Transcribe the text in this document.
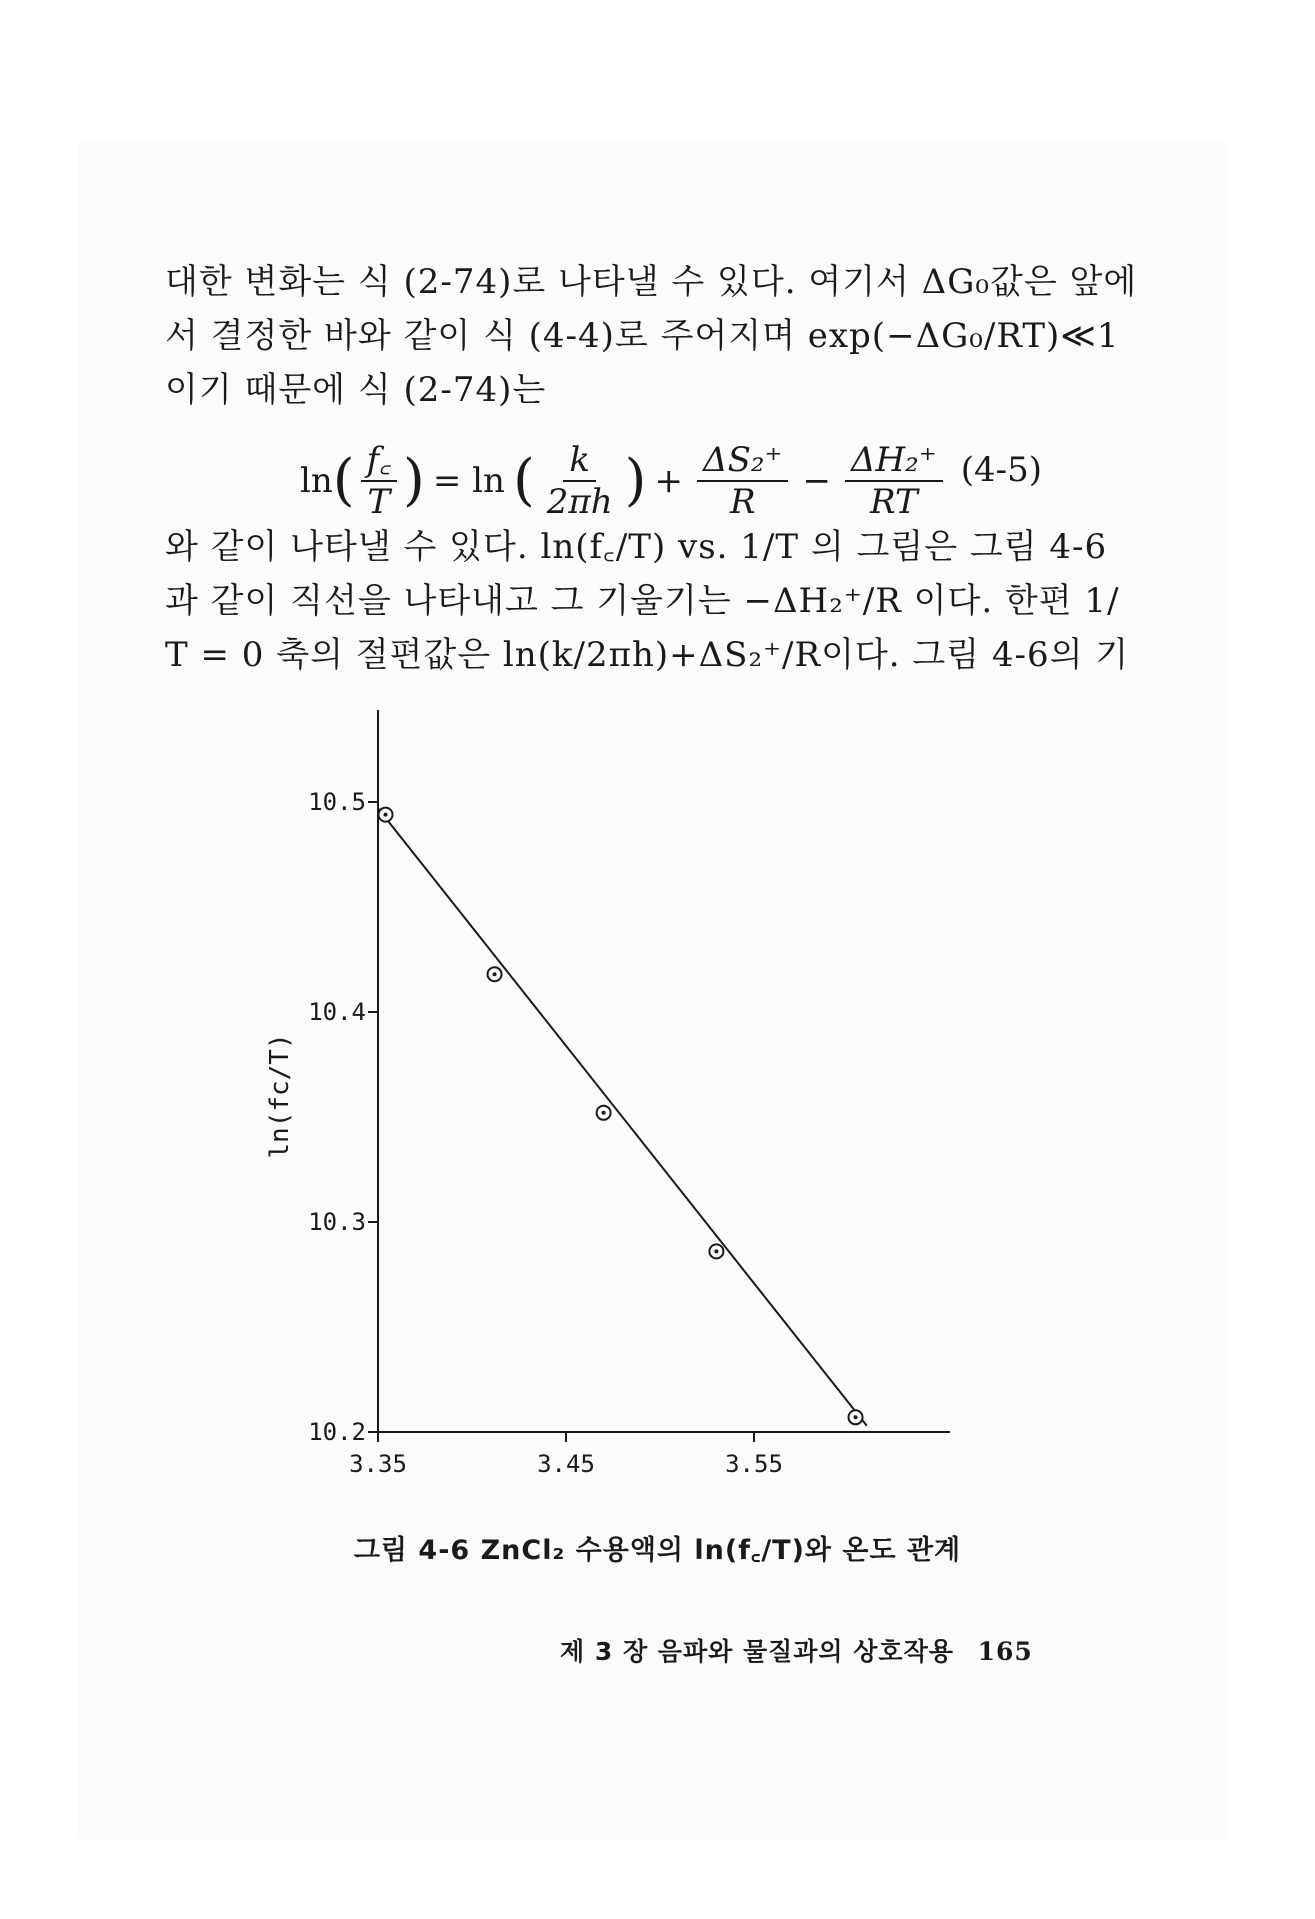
대한 변화는 식 (2-74)로 나타낼 수 있다. 여기서 ΔG₀값은 앞에

서 결정한 바와 같이 식 (4-4)로 주어지며 exp(−ΔG₀/RT)≪1

이기 때문에 식 (2-74)는

ln ( $\frac{f꜀}{T}$ ) = ln ( $\frac{k}{2\pi h}$ ) + $\frac{\text{ΔS₂⁺}}{R} - \frac{\text{ΔH₂⁺}}{RT} (4-5)$

와 같이 나타낼 수 있다. ln(f꜀/T) vs. 1/T 의 그림은 그림 4-6

과 같이 직선을 나타내고 그 기울기는 −ΔH₂⁺/R 이다. 한편 1/

T = 0 축의 절편값은 ln(k/2πh)+ΔS₂⁺/R이다. 그림 4-6의 기

10.2
10.3
10.4
10.5
3.35	3.45	3.55
ln(fc/T)
그림 4-6 ZnCl₂ 수용액의 ln(f꜀/T)와 온도 관계
제 3 장 음파와 물질과의 상호작용 165
